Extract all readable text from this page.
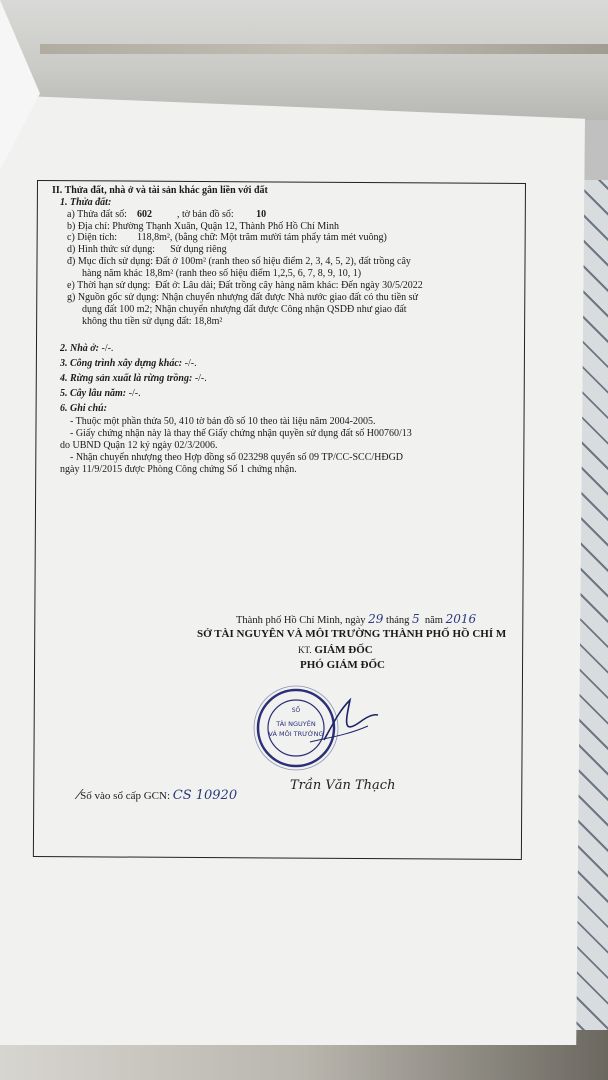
II. Thửa đất, nhà ở và tài sản khác gắn liền với đất
1. Thửa đất:
a) Thửa đất số: 602	, tờ bản đồ số: 10
b) Địa chỉ: Phường Thạnh Xuân, Quận 12, Thành Phố Hồ Chí Minh
c) Diện tích: 118,8m², (bằng chữ: Một trăm mười tám phẩy tám mét vuông)
d) Hình thức sử dụng: Sử dụng riêng
đ) Mục đích sử dụng: Đất ở 100m² (ranh theo số hiệu điểm 2, 3, 4, 5, 2), đất trồng cây
hàng năm khác 18,8m² (ranh theo số hiệu điểm 1,2,5, 6, 7, 8, 9, 10, 1)
e) Thời hạn sử dụng:  Đất ở: Lâu dài; Đất trồng cây hàng năm khác: Đến ngày 30/5/2022
g) Nguồn gốc sử dụng: Nhận chuyển nhượng đất được Nhà nước giao đất có thu tiền sử
dụng đất 100 m2; Nhận chuyển nhượng đất được Công nhận QSDĐ như giao đất
không thu tiền sử dụng đất: 18,8m²
2. Nhà ở: -/-.
3. Công trình xây dựng khác: -/-.
4. Rừng sản xuất là rừng trồng: -/-.
5. Cây lâu năm: -/-.
6. Ghi chú:
- Thuộc một phần thửa 50, 410 tờ bản đồ số 10 theo tài liệu năm 2004-2005.
- Giấy chứng nhận này là thay thế Giấy chứng nhận quyền sử dụng đất số H00760/13
do UBND Quận 12 ký ngày 02/3/2006.
- Nhận chuyển nhượng theo Hợp đồng số 023298 quyển số 09 TP/CC-SCC/HĐGD
ngày 11/9/2015 được Phòng Công chứng Số 1 chứng nhận.
Thành phố Hồ Chí Minh, ngày 29 tháng 5 năm 2016
SỞ TÀI NGUYÊN VÀ MÔI TRƯỜNG THÀNH PHỐ HỒ CHÍ M
KT. GIÁM ĐỐC
PHÓ GIÁM ĐỐC
SỐ
TÀI NGUYÊN
VÀ MÔI TRƯỜNG
Trần Văn Thạch
⁄Số vào sổ cấp GCN: CS 10920
